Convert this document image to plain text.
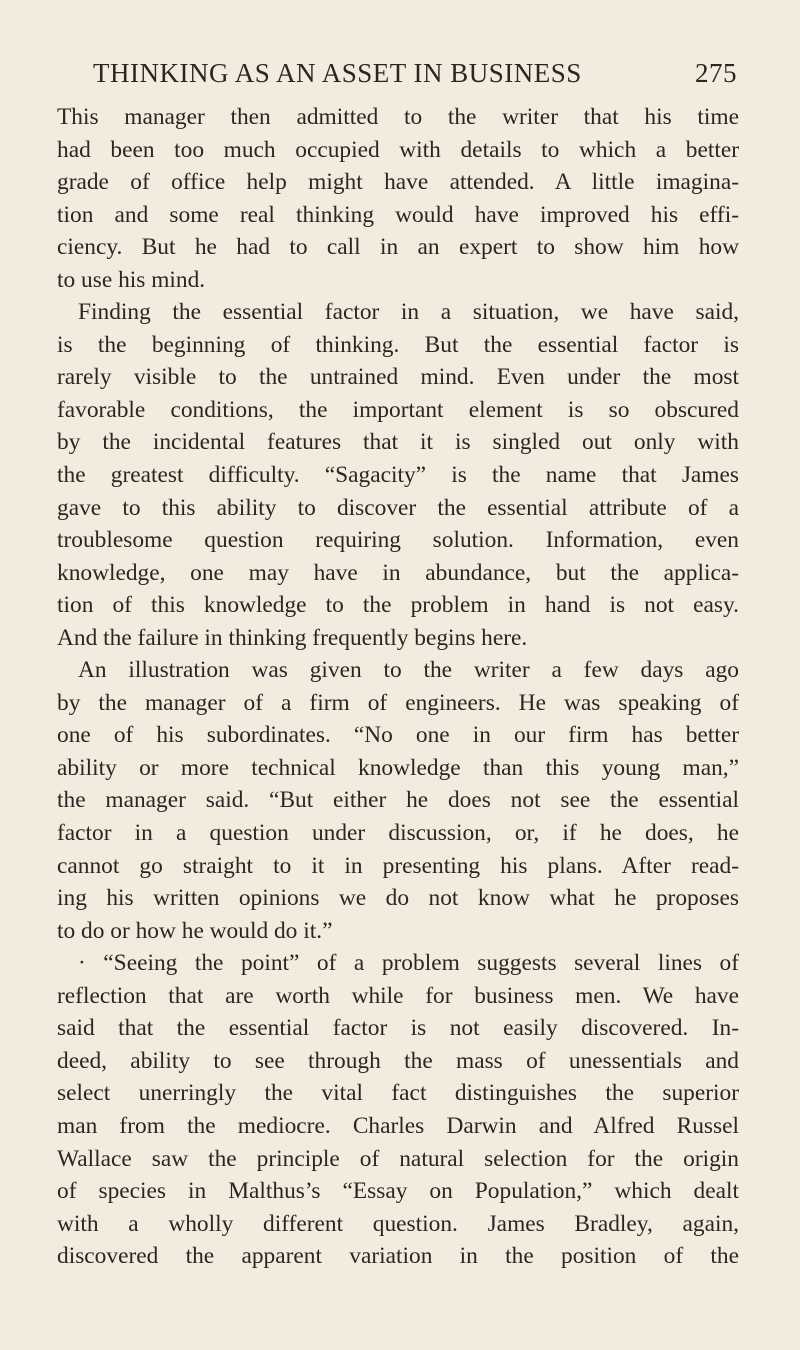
THINKING AS AN ASSET IN BUSINESS	275
This manager then admitted to the writer that his time
had been too much occupied with details to which a better
grade of office help might have attended. A little imagina-
tion and some real thinking would have improved his effi-
ciency. But he had to call in an expert to show him how
to use his mind.
Finding the essential factor in a situation, we have said,
is the beginning of thinking. But the essential factor is
rarely visible to the untrained mind. Even under the most
favorable conditions, the important element is so obscured
by the incidental features that it is singled out only with
the greatest difficulty. “Sagacity” is the name that James
gave to this ability to discover the essential attribute of a
troublesome question requiring solution. Information, even
knowledge, one may have in abundance, but the applica-
tion of this knowledge to the problem in hand is not easy.
And the failure in thinking frequently begins here.
An illustration was given to the writer a few days ago
by the manager of a firm of engineers. He was speaking of
one of his subordinates. “No one in our firm has better
ability or more technical knowledge than this young man,”
the manager said. “But either he does not see the essential
factor in a question under discussion, or, if he does, he
cannot go straight to it in presenting his plans. After read-
ing his written opinions we do not know what he proposes
to do or how he would do it.”
· “Seeing the point” of a problem suggests several lines of
reflection that are worth while for business men. We have
said that the essential factor is not easily discovered. In-
deed, ability to see through the mass of unessentials and
select unerringly the vital fact distinguishes the superior
man from the mediocre. Charles Darwin and Alfred Russel
Wallace saw the principle of natural selection for the origin
of species in Malthus’s “Essay on Population,” which dealt
with a wholly different question. James Bradley, again,
discovered the apparent variation in the position of the
